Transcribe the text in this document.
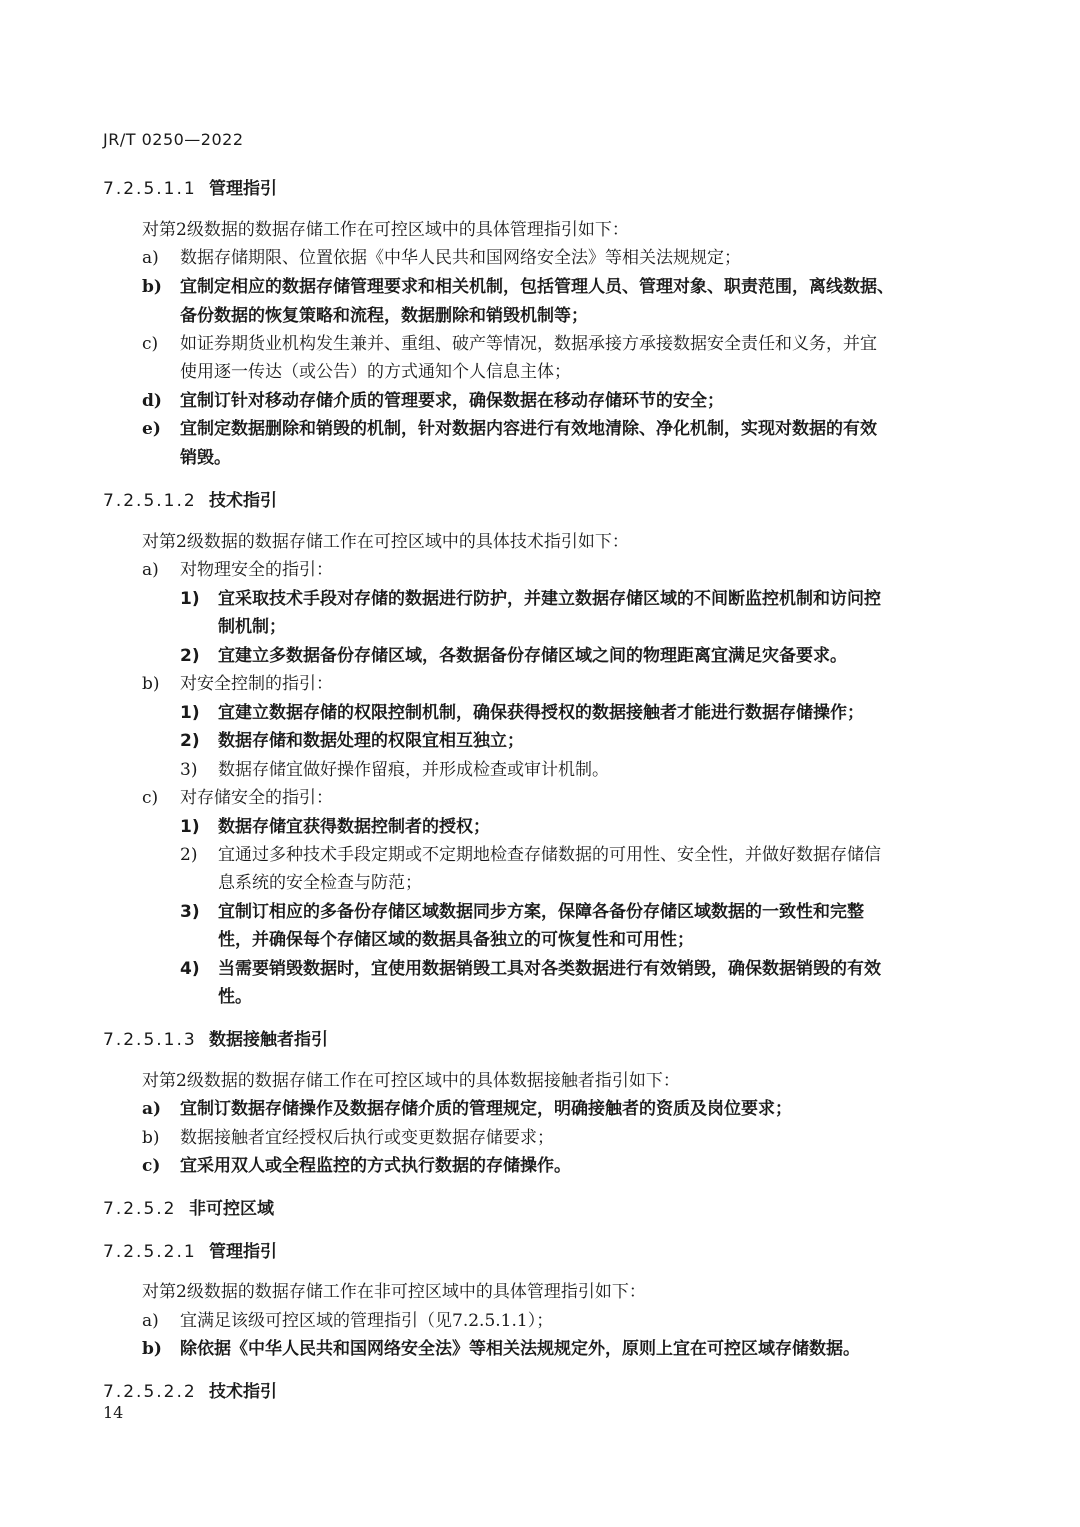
JR/T 0250—2022
7.2.5.1.1 管理指引
对第2级数据的数据存储工作在可控区域中的具体管理指引如下：
a) 数据存储期限、位置依据《中华人民共和国网络安全法》等相关法规规定；
b) 宜制定相应的数据存储管理要求和相关机制，包括管理人员、管理对象、职责范围，离线数据、
备份数据的恢复策略和流程，数据删除和销毁机制等；
c) 如证券期货业机构发生兼并、重组、破产等情况，数据承接方承接数据安全责任和义务，并宜
使用逐一传达（或公告）的方式通知个人信息主体；
d) 宜制订针对移动存储介质的管理要求，确保数据在移动存储环节的安全；
e) 宜制定数据删除和销毁的机制，针对数据内容进行有效地清除、净化机制，实现对数据的有效
销毁。
7.2.5.1.2 技术指引
对第2级数据的数据存储工作在可控区域中的具体技术指引如下：
a) 对物理安全的指引：
1) 宜采取技术手段对存储的数据进行防护，并建立数据存储区域的不间断监控机制和访问控
制机制；
2) 宜建立多数据备份存储区域，各数据备份存储区域之间的物理距离宜满足灾备要求。
b) 对安全控制的指引：
1) 宜建立数据存储的权限控制机制，确保获得授权的数据接触者才能进行数据存储操作；
2) 数据存储和数据处理的权限宜相互独立；
3) 数据存储宜做好操作留痕，并形成检查或审计机制。
c) 对存储安全的指引：
1) 数据存储宜获得数据控制者的授权；
2) 宜通过多种技术手段定期或不定期地检查存储数据的可用性、安全性，并做好数据存储信
息系统的安全检查与防范；
3) 宜制订相应的多备份存储区域数据同步方案，保障各备份存储区域数据的一致性和完整
性，并确保每个存储区域的数据具备独立的可恢复性和可用性；
4) 当需要销毁数据时，宜使用数据销毁工具对各类数据进行有效销毁，确保数据销毁的有效
性。
7.2.5.1.3 数据接触者指引
对第2级数据的数据存储工作在可控区域中的具体数据接触者指引如下：
a) 宜制订数据存储操作及数据存储介质的管理规定，明确接触者的资质及岗位要求；
b) 数据接触者宜经授权后执行或变更数据存储要求；
c) 宜采用双人或全程监控的方式执行数据的存储操作。
7.2.5.2 非可控区域
7.2.5.2.1 管理指引
对第2级数据的数据存储工作在非可控区域中的具体管理指引如下：
a) 宜满足该级可控区域的管理指引（见7.2.5.1.1）；
b) 除依据《中华人民共和国网络安全法》等相关法规规定外，原则上宜在可控区域存储数据。
7.2.5.2.2 技术指引
14
